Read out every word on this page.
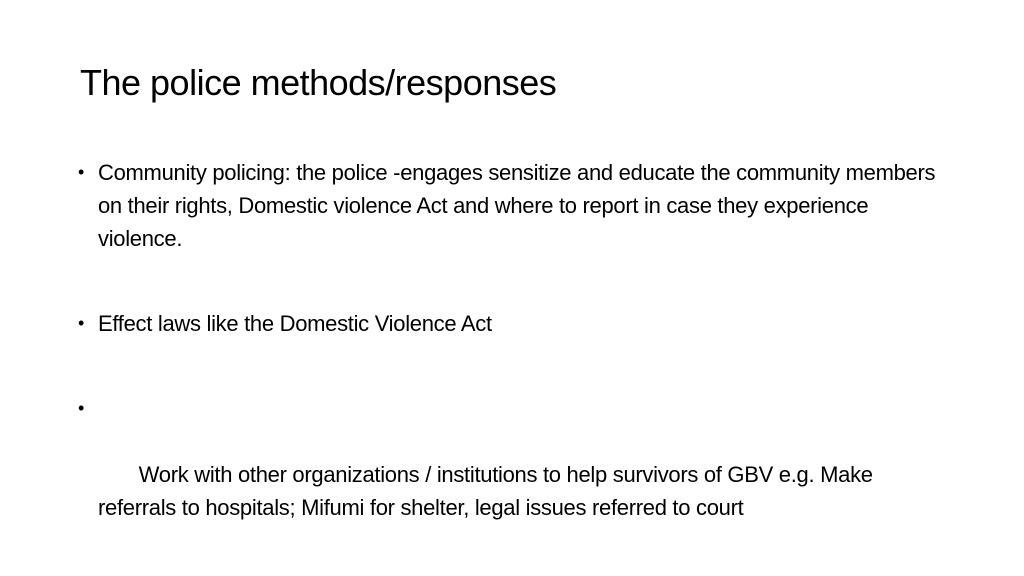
The police methods/responses
• Community policing: the police -engages sensitize and educate the community members on their rights, Domestic violence Act and where to report in case they experience violence.
• Effect laws like the Domestic Violence Act

•

Work with other organizations / institutions to help survivors of GBV e.g. Make referrals to hospitals; Mifumi for shelter, legal issues referred to court
